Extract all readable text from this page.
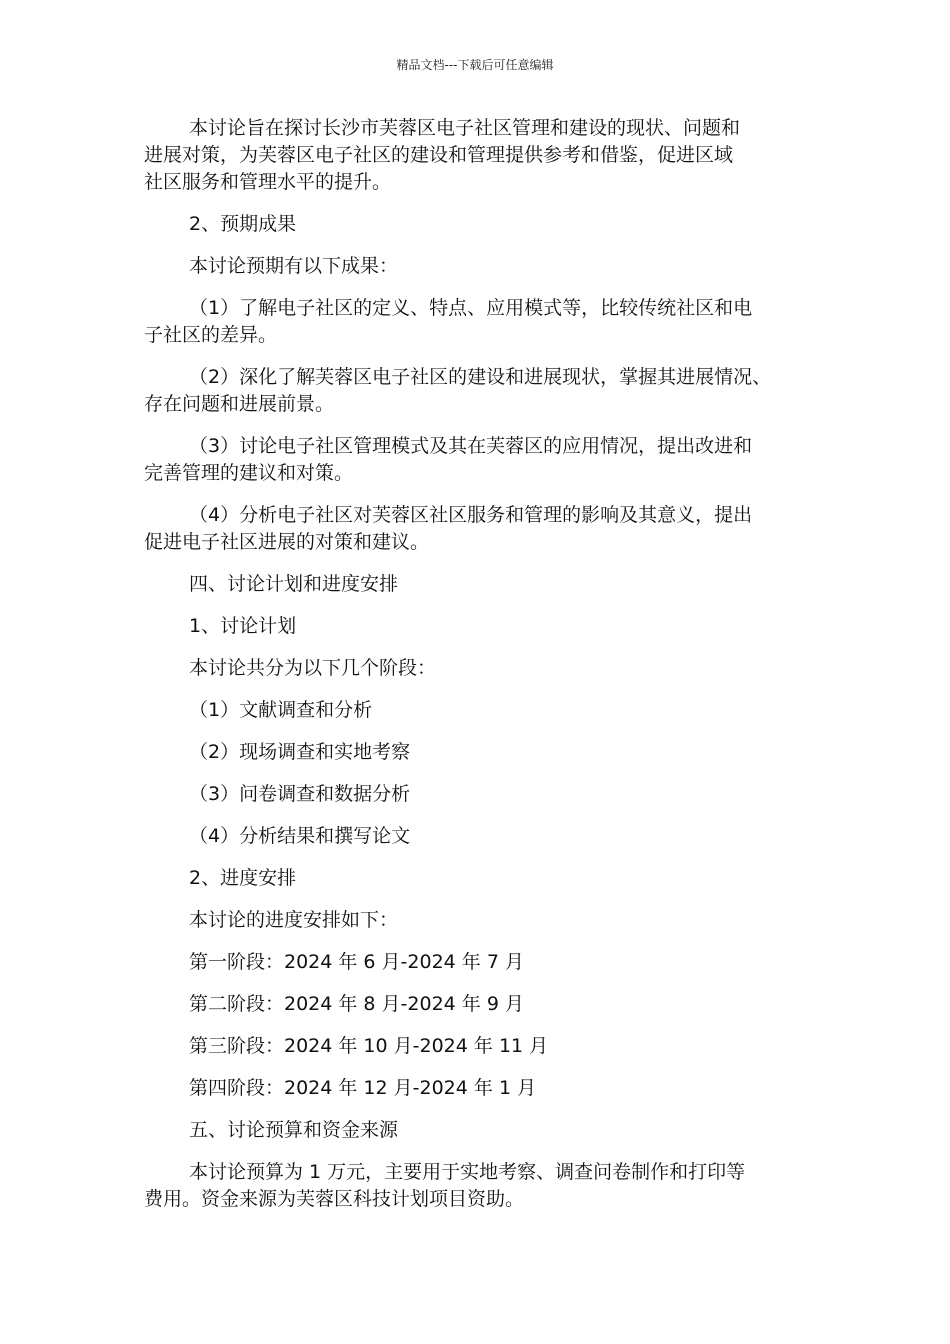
精品文档---下载后可任意编辑

本讨论旨在探讨长沙市芙蓉区电子社区管理和建设的现状、问题和
进展对策，为芙蓉区电子社区的建设和管理提供参考和借鉴，促进区域
社区服务和管理水平的提升。

2、预期成果

本讨论预期有以下成果：

（1）了解电子社区的定义、特点、应用模式等，比较传统社区和电
子社区的差异。

（2）深化了解芙蓉区电子社区的建设和进展现状，掌握其进展情况、
存在问题和进展前景。

（3）讨论电子社区管理模式及其在芙蓉区的应用情况，提出改进和
完善管理的建议和对策。

（4）分析电子社区对芙蓉区社区服务和管理的影响及其意义，提出
促进电子社区进展的对策和建议。

四、讨论计划和进度安排

1、讨论计划

本讨论共分为以下几个阶段：

（1）文献调查和分析

（2）现场调查和实地考察

（3）问卷调查和数据分析

（4）分析结果和撰写论文

2、进度安排

本讨论的进度安排如下：

第一阶段：2024 年 6 月-2024 年 7 月

第二阶段：2024 年 8 月-2024 年 9 月

第三阶段：2024 年 10 月-2024 年 11 月

第四阶段：2024 年 12 月-2024 年 1 月

五、讨论预算和资金来源

本讨论预算为 1 万元，主要用于实地考察、调查问卷制作和打印等
费用。资金来源为芙蓉区科技计划项目资助。
